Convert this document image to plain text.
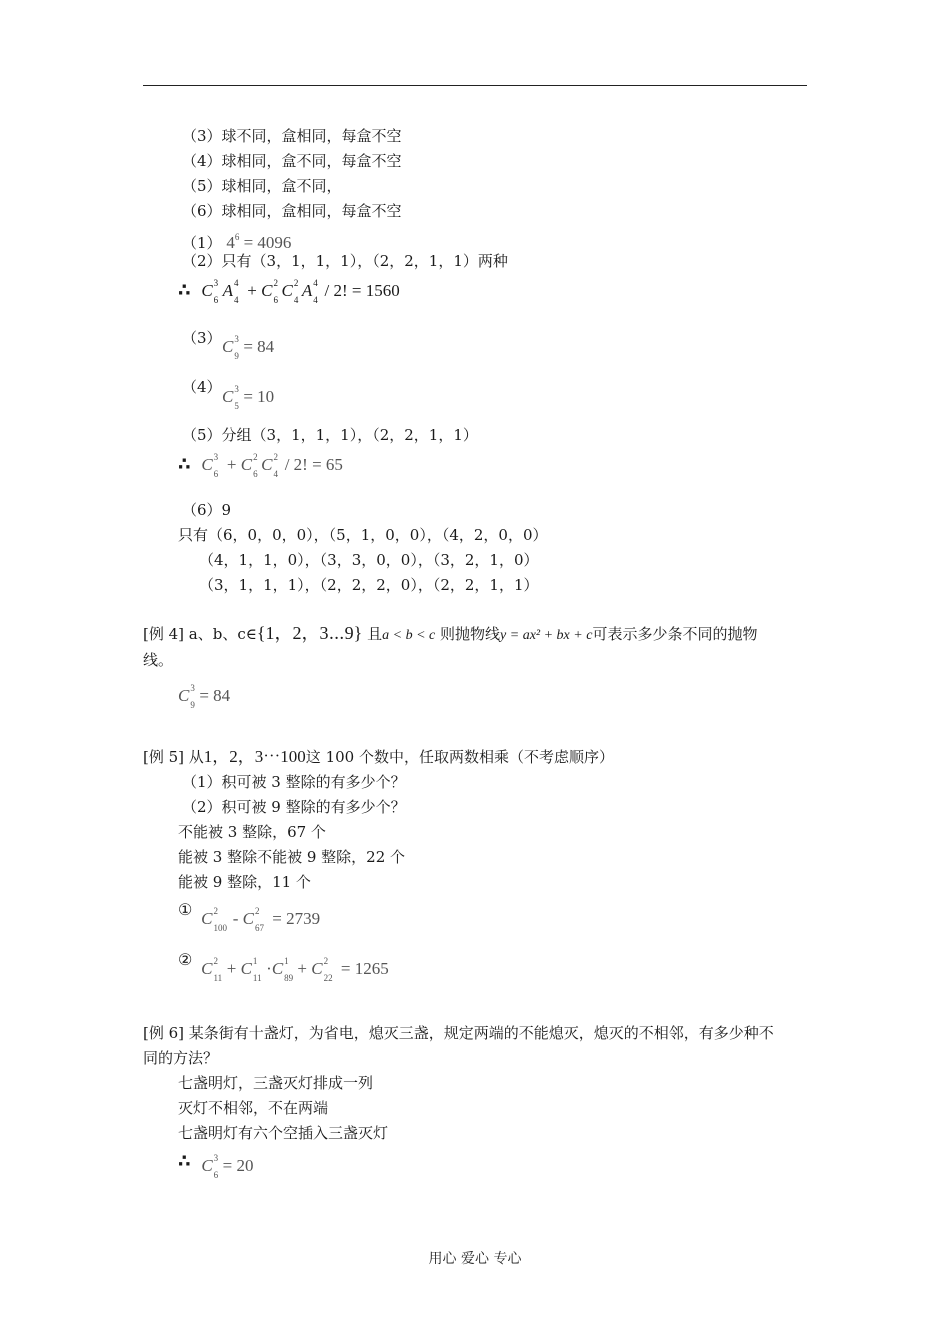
（3）球不同，盒相同，每盒不空
（4）球相同，盒不同，每盒不空
（5）球相同，盒不同，
（6）球相同，盒相同，每盒不空
（1） $4^6 = 4096$
（2）只有（3，1，1，1），（2，2，1，1）两种
∴ C 3
6 A 4
4 + C 2
6 C 2
4 A 4
4 / 2! = 1560
（3） C 3
9 = 84
（4） C 3
5 = 10
（5）分组（3，1，1，1），（2，2，1，1）
∴ C 3
6 + C 2
6 C 2
4 / 2! = 65
（6）9
只有（6，0，0，0），（5，1，0，0），（4，2，0，0）
（4，1，1，0），（3，3，0，0），（3，2，1，0）
（3，1，1，1），（2，2，2，0），（2，2，1，1）
[例 4] a、b、c∈{1，2，3⋯9} 且a < b < c 则抛物线y = ax² + bx + c可表示多少条不同的抛物
线。
C 3
9 = 84
[例 5] 从1，2，3⋯100这 100 个数中，任取两数相乘（不考虑顺序）
（1）积可被 3 整除的有多少个？
（2）积可被 9 整除的有多少个？
不能被 3 整除，67 个
能被 3 整除不能被 9 整除，22 个
能被 9 整除，11 个
① C 2
100 - C 2
67 = 2739
② C 2
11 + C 1
11 ·C 1
89 + C 2
22 = 1265
[例 6] 某条街有十盏灯，为省电，熄灭三盏，规定两端的不能熄灭，熄灭的不相邻，有多少种不
同的方法？
七盏明灯，三盏灭灯排成一列
灭灯不相邻，不在两端
七盏明灯有六个空插入三盏灭灯
∴ C 3
6 = 20
用心 爱心 专心
